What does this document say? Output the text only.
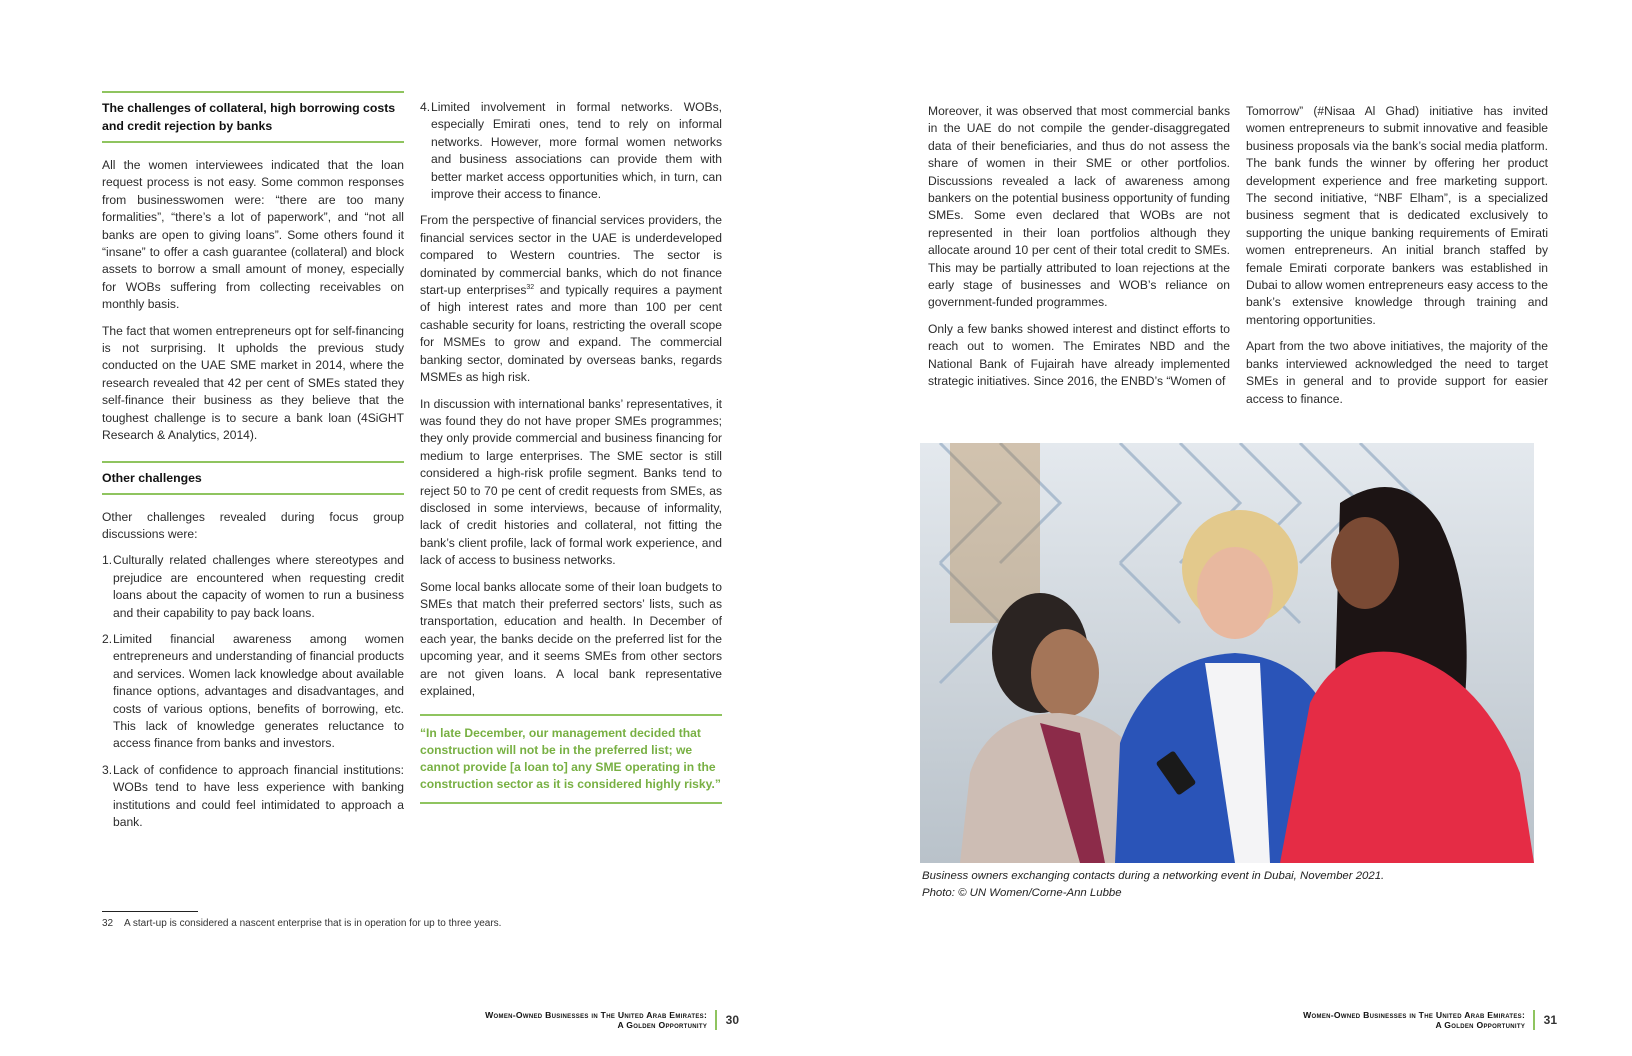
The challenges of collateral, high borrowing costs and credit rejection by banks

All the women interviewees indicated that the loan request process is not easy. Some common responses from businesswomen were: “there are too many formalities”, “there’s a lot of paperwork”, and “not all banks are open to giving loans”. Some others found it “insane” to offer a cash guarantee (collateral) and block assets to borrow a small amount of money, especially for WOBs suffering from collecting receivables on monthly basis.

The fact that women entrepreneurs opt for self-financing is not surprising. It upholds the previous study conducted on the UAE SME market in 2014, where the research revealed that 42 per cent of SMEs stated they self-finance their business as they believe that the toughest challenge is to secure a bank loan (4SiGHT Research & Analytics, 2014).

Other challenges

Other challenges revealed during focus group discussions were:

1. Culturally related challenges where stereotypes and prejudice are encountered when requesting credit loans about the capacity of women to run a business and their capability to pay back loans.
2. Limited financial awareness among women entrepreneurs and understanding of financial products and services. Women lack knowledge about available finance options, advantages and disadvantages, and costs of various options, benefits of borrowing, etc. This lack of knowledge generates reluctance to access finance from banks and investors.
3. Lack of confidence to approach financial institutions: WOBs tend to have less experience with banking institutions and could feel intimidated to approach a bank.
4. Limited involvement in formal networks. WOBs, especially Emirati ones, tend to rely on informal networks. However, more formal women networks and business associations can provide them with better market access opportunities which, in turn, can improve their access to finance.

From the perspective of financial services providers, the financial services sector in the UAE is underdeveloped compared to Western countries. The sector is dominated by commercial banks, which do not finance start-up enterprises$^{32}$ and typically requires a payment of high interest rates and more than 100 per cent cashable security for loans, restricting the overall scope for MSMEs to grow and expand. The commercial banking sector, dominated by overseas banks, regards MSMEs as high risk.

In discussion with international banks’ representatives, it was found they do not have proper SMEs programmes; they only provide commercial and business financing for medium to large enterprises. The SME sector is still considered a high-risk profile segment. Banks tend to reject 50 to 70 pe cent of credit requests from SMEs, as disclosed in some interviews, because of informality, lack of credit histories and collateral, not fitting the bank’s client profile, lack of formal work experience, and lack of access to business networks.

Some local banks allocate some of their loan budgets to SMEs that match their preferred sectors’ lists, such as transportation, education and health. In December of each year, the banks decide on the preferred list for the upcoming year, and it seems SMEs from other sectors are not given loans. A local bank representative explained,

“In late December, our management decided that construction will not be in the preferred list; we cannot provide [a loan to] any SME operating in the construction sector as it is considered highly risky.”
32 A start-up is considered a nascent enterprise that is in operation for up to three years.
Women-Owned Businesses in The United Arab Emirates:
A Golden Opportunity 30

Moreover, it was observed that most commercial banks in the UAE do not compile the gender-disaggregated data of their beneficiaries, and thus do not assess the share of women in their SME or other portfolios. Discussions revealed a lack of awareness among bankers on the potential business opportunity of funding SMEs. Some even declared that WOBs are not represented in their loan portfolios although they allocate around 10 per cent of their total credit to SMEs. This may be partially attributed to loan rejections at the early stage of businesses and WOB’s reliance on government-funded programmes.

Only a few banks showed interest and distinct efforts to reach out to women. The Emirates NBD and the National Bank of Fujairah have already implemented strategic initiatives. Since 2016, the ENBD’s “Women of

Tomorrow” (#Nisaa Al Ghad) initiative has invited women entrepreneurs to submit innovative and feasible business proposals via the bank’s social media platform. The bank funds the winner by offering her product development experience and free marketing support. The second initiative, “NBF Elham”, is a specialized business segment that is dedicated exclusively to supporting the unique banking requirements of Emirati women entrepreneurs. An initial branch staffed by female Emirati corporate bankers was established in Dubai to allow women entrepreneurs easy access to the bank’s extensive knowledge through training and mentoring opportunities.

Apart from the two above initiatives, the majority of the banks interviewed acknowledged the need to target SMEs in general and to provide support for easier access to finance.

Business owners exchanging contacts during a networking event in Dubai, November 2021.
Photo: © UN Women/Corne-Ann Lubbe
Women-Owned Businesses in The United Arab Emirates:
A Golden Opportunity 31
